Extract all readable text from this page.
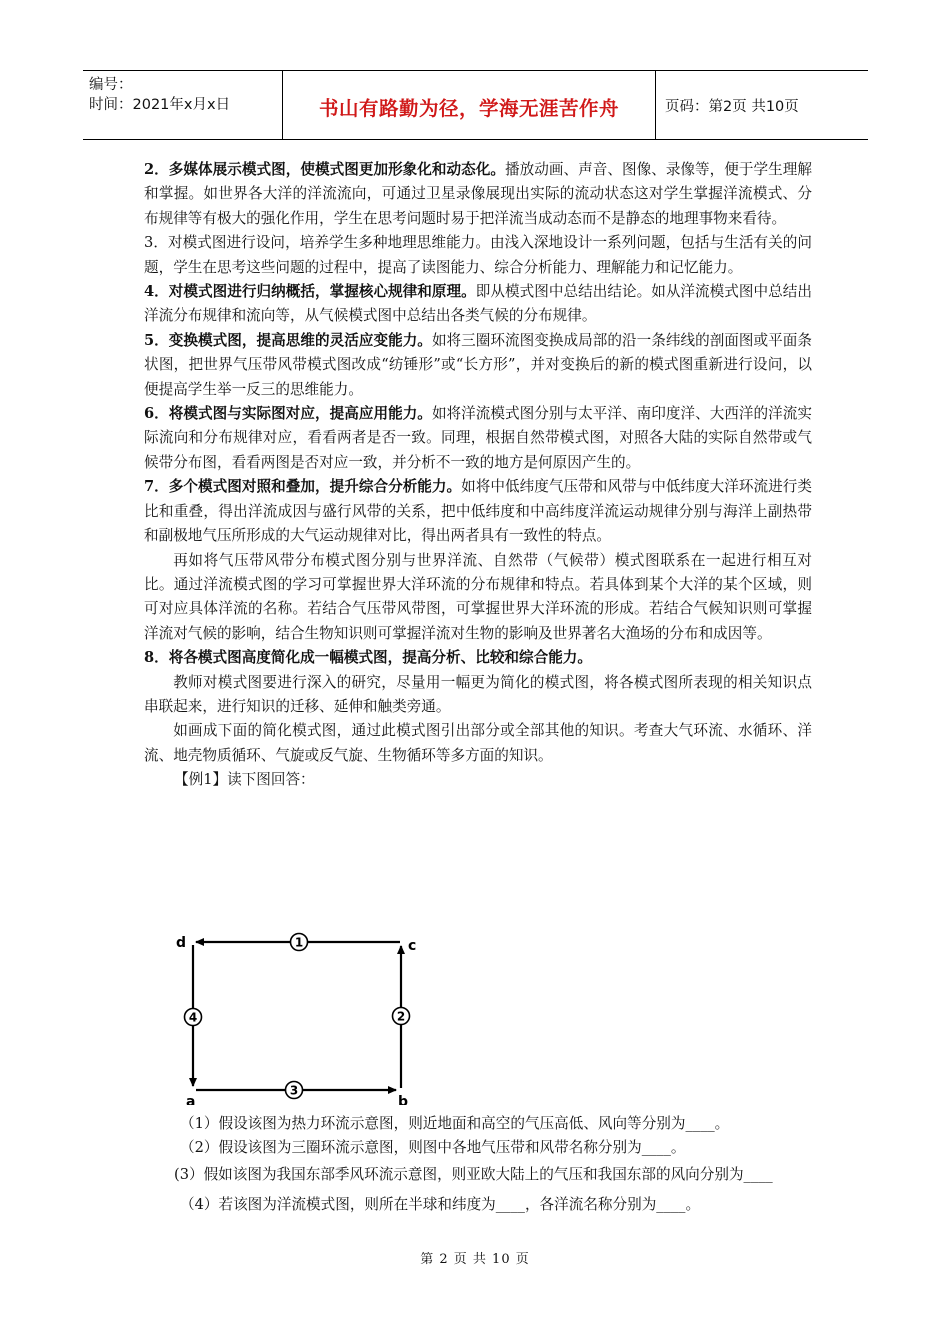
编号：
时间：2021年x月x日	书山有路勤为径，学海无涯苦作舟	页码：第2页 共10页

2．多媒体展示模式图，使模式图更加形象化和动态化。播放动画、声音、图像、录像等，便于学生理解和掌握。如世界各大洋的洋流流向，可通过卫星录像展现出实际的流动状态这对学生掌握洋流模式、分布规律等有极大的强化作用，学生在思考问题时易于把洋流当成动态而不是静态的地理事物来看待。

3．对模式图进行设问，培养学生多种地理思维能力。由浅入深地设计一系列问题，包括与生活有关的问题，学生在思考这些问题的过程中，提高了读图能力、综合分析能力、理解能力和记忆能力。

4．对模式图进行归纳概括，掌握核心规律和原理。即从模式图中总结出结论。如从洋流模式图中总结出洋流分布规律和流向等，从气候模式图中总结出各类气候的分布规律。

5．变换模式图，提高思维的灵活应变能力。如将三圈环流图变换成局部的沿一条纬线的剖面图或平面条状图，把世界气压带风带模式图改成“纺锤形”或“长方形”，并对变换后的新的模式图重新进行设问，以便提高学生举一反三的思维能力。

6．将模式图与实际图对应，提高应用能力。如将洋流模式图分别与太平洋、南印度洋、大西洋的洋流实际流向和分布规律对应，看看两者是否一致。同理，根据自然带模式图，对照各大陆的实际自然带或气候带分布图，看看两图是否对应一致，并分析不一致的地方是何原因产生的。

7．多个模式图对照和叠加，提升综合分析能力。如将中低纬度气压带和风带与中低纬度大洋环流进行类比和重叠，得出洋流成因与盛行风带的关系，把中低纬度和中高纬度洋流运动规律分别与海洋上副热带和副极地气压所形成的大气运动规律对比，得出两者具有一致性的特点。

再如将气压带风带分布模式图分别与世界洋流、自然带（气候带）模式图联系在一起进行相互对比。通过洋流模式图的学习可掌握世界大洋环流的分布规律和特点。若具体到某个大洋的某个区域，则可对应具体洋流的名称。若结合气压带风带图，可掌握世界大洋环流的形成。若结合气候知识则可掌握洋流对气候的影响，结合生物知识则可掌握洋流对生物的影响及世界著名大渔场的分布和成因等。

8．将各模式图高度简化成一幅模式图，提高分析、比较和综合能力。

教师对模式图要进行深入的研究，尽量用一幅更为简化的模式图，将各模式图所表现的相关知识点串联起来，进行知识的迁移、延伸和触类旁通。

如画成下面的简化模式图，通过此模式图引出部分或全部其他的知识。考查大气环流、水循环、洋流、地壳物质循环、气旋或反气旋、生物循环等多方面的知识。

【例1】读下图回答：

1
2
3
4
d	c
a	b

（1）假设该图为热力环流示意图，则近地面和高空的气压高低、风向等分别为____。

（2）假设该图为三圈环流示意图，则图中各地气压带和风带名称分别为____。

(3）假如该图为我国东部季风环流示意图，则亚欧大陆上的气压和我国东部的风向分别为____

（4）若该图为洋流模式图，则所在半球和纬度为____，各洋流名称分别为____。

第 2 页 共 10 页
